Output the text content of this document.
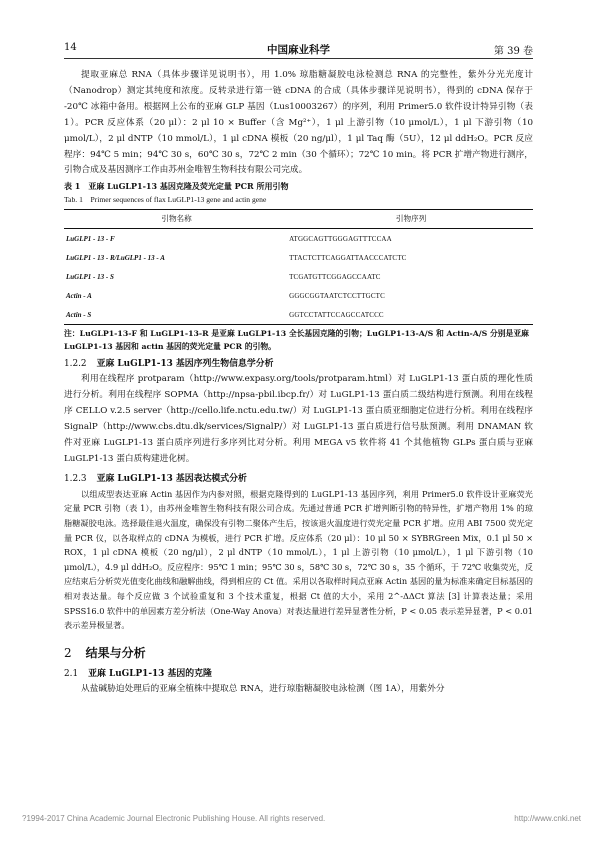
14	中国麻业科学	第 39 卷

提取亚麻总 RNA（具体步骤详见说明书），用 1.0% 琼脂糖凝胶电泳检测总 RNA 的完整性，紫外分光光度计（Nanodrop）测定其纯度和浓度。反转录进行第一链 cDNA 的合成（具体步骤详见说明书），得到的 cDNA 保存于 -20℃ 冰箱中备用。根据网上公布的亚麻 GLP 基因（Lus10003267）的序列，利用 Primer5.0 软件设计特异引物（表 1）。PCR 反应体系（20 μl）：2 μl 10 × Buffer（含 Mg²⁺），1 μl 上游引物（10 μmol/L），1 μl 下游引物（10 μmol/L），2 μl dNTP（10 mmol/L），1 μl cDNA 模板（20 ng/μl），1 μl Taq 酶（5U），12 μl ddH₂O。PCR 反应程序：94℃ 5 min；94℃ 30 s，60℃ 30 s，72℃ 2 min（30 个循环）；72℃ 10 min。将 PCR 扩增产物进行测序，引物合成及基因测序工作由苏州金唯智生物科技有限公司完成。

表 1　亚麻 LuGLP1-13 基因克隆及荧光定量 PCR 所用引物
Tab. 1　Primer sequences of flax LuGLP1-13 gene and actin gene
引物名称	引物序列
LuGLP1 - 13 - F	ATGGCAGTTGGGAGTTTCCAA
LuGLP1 - 13 - R/LuGLP1 - 13 - A	TTACTCTTCAGGATTAACCCATCTC
LuGLP1 - 13 - S	TCGATGTTCGGAGCCAATC
Actin - A	GGGCGGTAATCTCCTTGCTC
Actin - S	GGTCCTATTCCAGCCATCCC
注：LuGLP1-13-F 和 LuGLP1-13-R 是亚麻 LuGLP1-13 全长基因克隆的引物；LuGLP1-13-A/S 和 Actin-A/S 分别是亚麻 LuGLP1-13 基因和 actin 基因的荧光定量 PCR 的引物。
1.2.2 亚麻 LuGLP1-13 基因序列生物信息学分析

利用在线程序 protparam（http://www.expasy.org/tools/protparam.html）对 LuGLP1-13 蛋白质的理化性质进行分析。利用在线程序 SOPMA（http://npsa-pbil.ibcp.fr/）对 LuGLP1-13 蛋白质二级结构进行预测。利用在线程序 CELLO v.2.5 server（http://cello.life.nctu.edu.tw/）对 LuGLP1-13 蛋白质亚细胞定位进行分析。利用在线程序 SignalP（http://www.cbs.dtu.dk/services/SignalP/）对 LuGLP1-13 蛋白质进行信号肽预测。利用 DNAMAN 软件对亚麻 LuGLP1-13 蛋白质序列进行多序列比对分析。利用 MEGA v5 软件将 41 个其他植物 GLPs 蛋白质与亚麻 LuGLP1-13 蛋白质构建进化树。

1.2.3 亚麻 LuGLP1-13 基因表达模式分析

以组成型表达亚麻 Actin 基因作为内参对照，根据克隆得到的 LuGLP1-13 基因序列，利用 Primer5.0 软件设计亚麻荧光定量 PCR 引物（表 1），由苏州金唯智生物科技有限公司合成。先通过普通 PCR 扩增判断引物的特异性，扩增产物用 1% 的琼脂糖凝胶电泳。选择最佳退火温度，确保没有引物二聚体产生后，按该退火温度进行荧光定量 PCR 扩增。应用 ABI 7500 荧光定量 PCR 仪，以各取样点的 cDNA 为模板，进行 PCR 扩增。反应体系（20 μl）：10 μl 50 × SYBRGreen Mix，0.1 μl 50 × ROX，1 μl cDNA 模板（20 ng/μl），2 μl dNTP（10 mmol/L），1 μl 上游引物（10 μmol/L），1 μl 下游引物（10 μmol/L），4.9 μl ddH₂O。反应程序：95℃ 1 min；95℃ 30 s，58℃ 30 s，72℃ 30 s，35 个循环，于 72℃ 收集荧光，反应结束后分析荧光值变化曲线和融解曲线，得到相应的 Ct 值。采用以各取样时间点亚麻 Actin 基因的量为标准来确定目标基因的相对表达量。每个反应做 3 个试验重复和 3 个技术重复，根据 Ct 值的大小，采用 2^-ΔΔCt 算法 [3] 计算表达量；采用 SPSS16.0 软件中的单因素方差分析法（One-Way Anova）对表达量进行差异显著性分析，P < 0.05 表示差异显著，P < 0.01 表示差异极显著。

2 结果与分析
2.1 亚麻 LuGLP1-13 基因的克隆

从盐碱胁迫处理后的亚麻全植株中提取总 RNA，进行琼脂糖凝胶电泳检测（图 1A），用紫外分

?1994-2017 China Academic Journal Electronic Publishing House. All rights reserved.	http://www.cnki.net
